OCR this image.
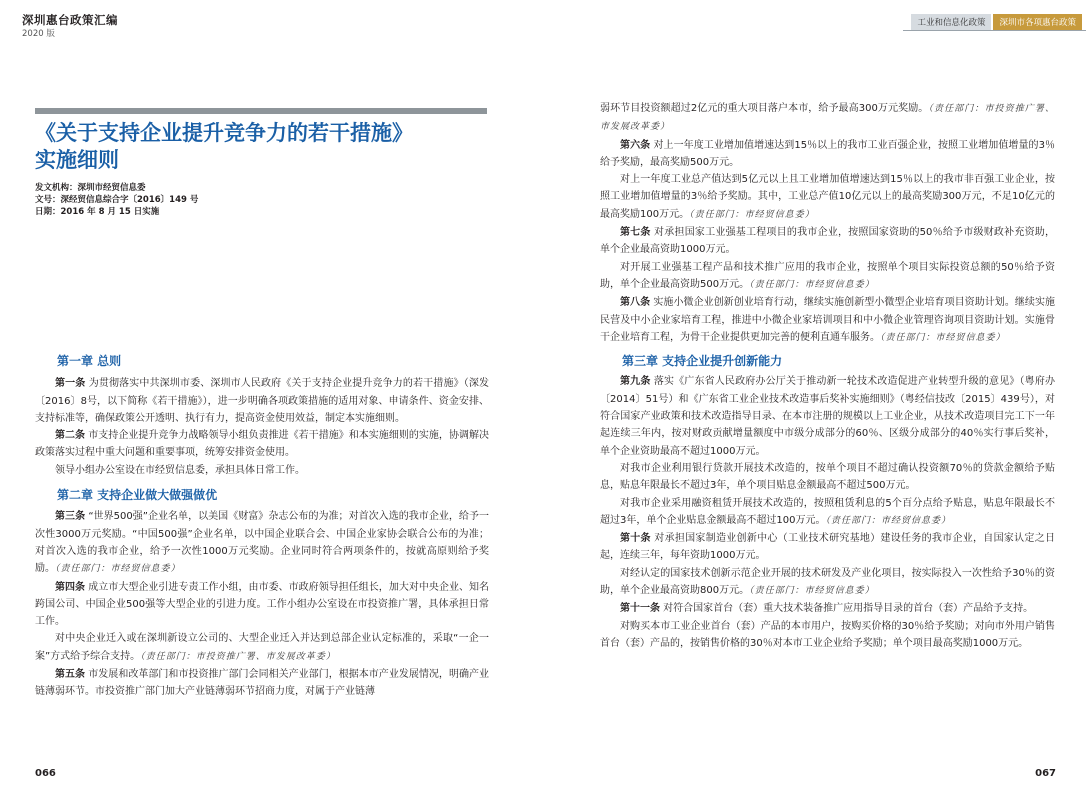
深圳惠台政策汇编
2020 版
《关于支持企业提升竞争力的若干措施》
实施细则
发文机构：深圳市经贸信息委
文号：深经贸信息综合字〔2016〕149 号
日期：2016 年 8 月 15 日实施
第一章 总则

第一条 为贯彻落实中共深圳市委、深圳市人民政府《关于支持企业提升竞争力的若干措施》（深发〔2016〕8号，以下简称《若干措施》），进一步明确各项政策措施的适用对象、申请条件、资金安排、支持标准等，确保政策公开透明、执行有力，提高资金使用效益，制定本实施细则。

第二条 市支持企业提升竞争力战略领导小组负责推进《若干措施》和本实施细则的实施，协调解决政策落实过程中重大问题和重要事项，统筹安排资金使用。

领导小组办公室设在市经贸信息委，承担具体日常工作。

第二章 支持企业做大做强做优

第三条 “世界500强”企业名单，以美国《财富》杂志公布的为准；对首次入选的我市企业，给予一次性3000万元奖励。“中国500强”企业名单，以中国企业联合会、中国企业家协会联合公布的为准；对首次入选的我市企业，给予一次性1000万元奖励。企业同时符合两项条件的，按就高原则给予奖励。（责任部门：市经贸信息委）

第四条 成立市大型企业引进专责工作小组，由市委、市政府领导担任组长，加大对中央企业、知名跨国公司、中国企业500强等大型企业的引进力度。工作小组办公室设在市投资推广署，具体承担日常工作。

对中央企业迁入或在深圳新设立公司的、大型企业迁入并达到总部企业认定标准的，采取“一企一案”方式给予综合支持。（责任部门：市投资推广署、市发展改革委）

第五条 市发展和改革部门和市投资推广部门会同相关产业部门，根据本市产业发展情况，明确产业链薄弱环节。市投资推广部门加大产业链薄弱环节招商力度，对属于产业链薄

066
工业和信息化政策	深圳市各项惠台政策

弱环节目投资额超过2亿元的重大项目落户本市，给予最高300万元奖励。（责任部门：市投资推广署、市发展改革委）

第六条 对上一年度工业增加值增速达到15％以上的我市工业百强企业，按照工业增加值增量的3％给予奖励，最高奖励500万元。

对上一年度工业总产值达到5亿元以上且工业增加值增速达到15％以上的我市非百强工业企业，按照工业增加值增量的3％给予奖励。其中，工业总产值10亿元以上的最高奖励300万元，不足10亿元的最高奖励100万元。（责任部门：市经贸信息委）

第七条 对承担国家工业强基工程项目的我市企业，按照国家资助的50％给予市级财政补充资助，单个企业最高资助1000万元。

对开展工业强基工程产品和技术推广应用的我市企业，按照单个项目实际投资总额的50％给予资助，单个企业最高资助500万元。（责任部门：市经贸信息委）

第八条 实施小微企业创新创业培育行动，继续实施创新型小微型企业培育项目资助计划。继续实施民营及中小企业家培育工程，推进中小微企业家培训项目和中小微企业管理咨询项目资助计划。实施骨干企业培育工程，为骨干企业提供更加完善的便利直通车服务。（责任部门：市经贸信息委）

第三章 支持企业提升创新能力

第九条 落实《广东省人民政府办公厅关于推动新一轮技术改造促进产业转型升级的意见》（粤府办〔2014〕51号）和《广东省工业企业技术改造事后奖补实施细则》（粤经信技改〔2015〕439号），对符合国家产业政策和技术改造指导目录、在本市注册的规模以上工业企业，从技术改造项目完工下一年起连续三年内，按对财政贡献增量额度中市级分成部分的60％、区级分成部分的40％实行事后奖补，单个企业资助最高不超过1000万元。

对我市企业利用银行贷款开展技术改造的，按单个项目不超过确认投资额70％的贷款金额给予贴息，贴息年限最长不超过3年，单个项目贴息金额最高不超过500万元。

对我市企业采用融资租赁开展技术改造的，按照租赁利息的5个百分点给予贴息，贴息年限最长不超过3年，单个企业贴息金额最高不超过100万元。（责任部门：市经贸信息委）

第十条 对承担国家制造业创新中心（工业技术研究基地）建设任务的我市企业，自国家认定之日起，连续三年，每年资助1000万元。

对经认定的国家技术创新示范企业开展的技术研发及产业化项目，按实际投入一次性给予30％的资助，单个企业最高资助800万元。（责任部门：市经贸信息委）

第十一条 对符合国家首台（套）重大技术装备推广应用指导目录的首台（套）产品给予支持。

对购买本市工业企业首台（套）产品的本市用户，按购买价格的30％给予奖励；对向市外用户销售首台（套）产品的，按销售价格的30％对本市工业企业给予奖励；单个项目最高奖励1000万元。

067
